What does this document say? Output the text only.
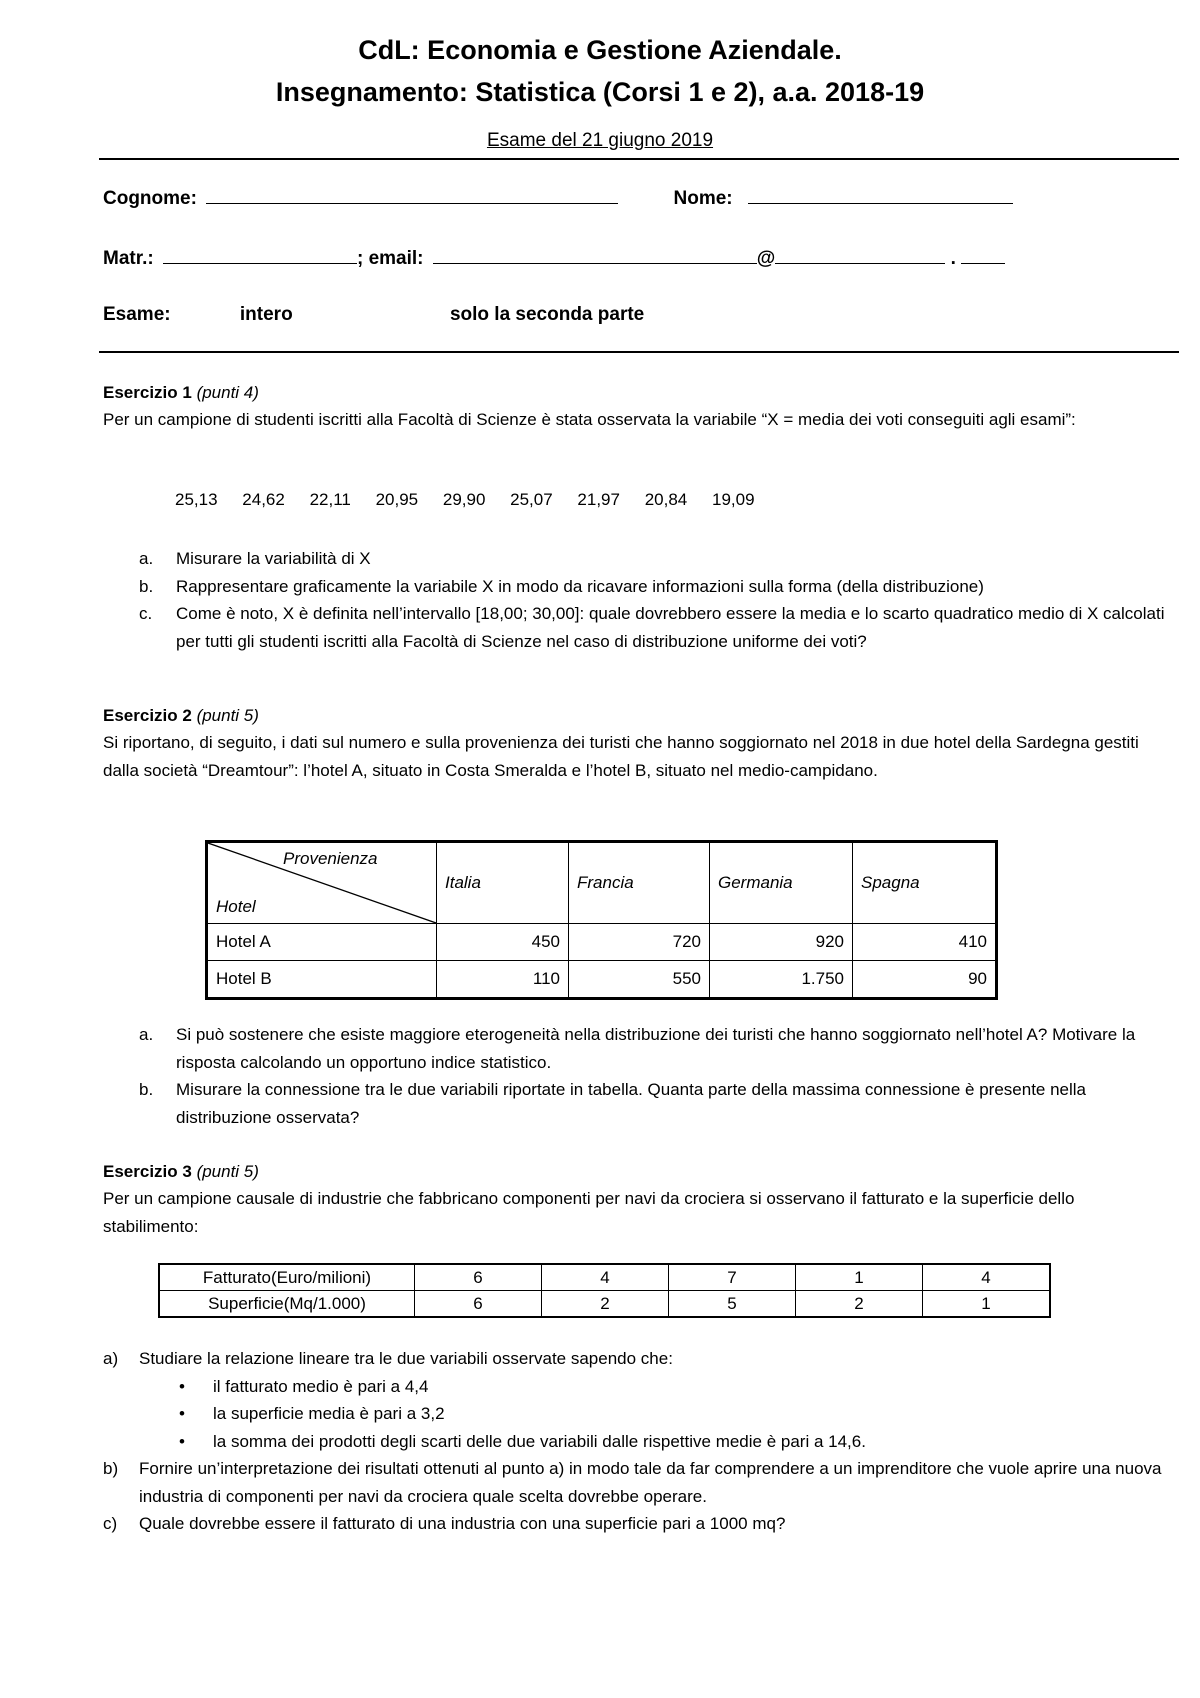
CdL: Economia e Gestione Aziendale.
Insegnamento: Statistica (Corsi 1 e 2), a.a. 2018-19
Esame del 21 giugno 2019
Cognome:	Nome:
Matr.:	; email:	@	.
Esame:	intero	solo la seconda parte
Esercizio 1 (punti 4)
Per un campione di studenti iscritti alla Facoltà di Scienze è stata osservata la variabile “X = media dei voti conseguiti agli esami”:
25,13 24,62 22,11 20,95 29,90 25,07 21,97 20,84 19,09
a. Misurare la variabilità di X
b. Rappresentare graficamente la variabile X in modo da ricavare informazioni sulla forma (della distribuzione)
c. Come è noto, X è definita nell’intervallo [18,00; 30,00]: quale dovrebbero essere la media e lo scarto quadratico medio di X calcolati per tutti gli studenti iscritti alla Facoltà di Scienze nel caso di distribuzione uniforme dei voti?
Esercizio 2 (punti 5)
Si riportano, di seguito, i dati sul numero e sulla provenienza dei turisti che hanno soggiornato nel 2018 in due hotel della Sardegna gestiti dalla società “Dreamtour”: l’hotel A, situato in Costa Smeralda e l’hotel B, situato nel medio-campidano.
Provenienza
Hotel	Italia	Francia	Germania	Spagna
Hotel A	450	720	920	410
Hotel B	110	550	1.750	90
a. Si può sostenere che esiste maggiore eterogeneità nella distribuzione dei turisti che hanno soggiornato nell’hotel A? Motivare la risposta calcolando un opportuno indice statistico.
b. Misurare la connessione tra le due variabili riportate in tabella. Quanta parte della massima connessione è presente nella distribuzione osservata?
Esercizio 3 (punti 5)
Per un campione causale di industrie che fabbricano componenti per navi da crociera si osservano il fatturato e la superficie dello stabilimento:
Fatturato(Euro/milioni)	6	4	7	1	4
Superficie(Mq/1.000)	6	2	5	2	1
a) Studiare la relazione lineare tra le due variabili osservate sapendo che:
• il fatturato medio è pari a 4,4
• la superficie media è pari a 3,2
• la somma dei prodotti degli scarti delle due variabili dalle rispettive medie è pari a 14,6.
b) Fornire un’interpretazione dei risultati ottenuti al punto a) in modo tale da far comprendere a un imprenditore che vuole aprire una nuova industria di componenti per navi da crociera quale scelta dovrebbe operare.
c) Quale dovrebbe essere il fatturato di una industria con una superficie pari a 1000 mq?
